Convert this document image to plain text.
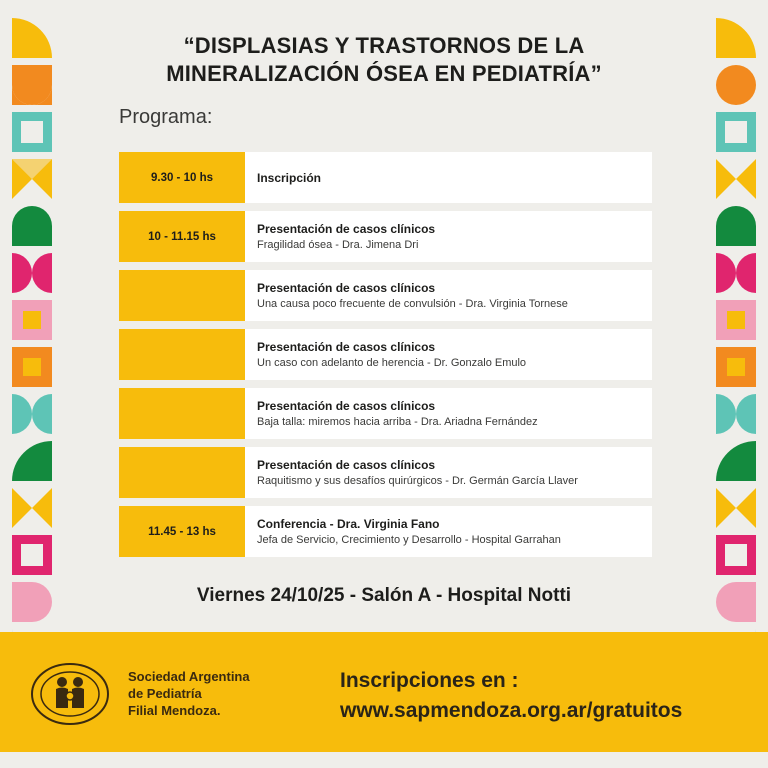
“DISPLASIAS Y TRASTORNOS DE LA
MINERALIZACIÓN ÓSEA EN PEDIATRÍA”
Programa:
9.30 - 10 hs	Inscripción
10 - 11.15 hs
Presentación de casos clínicos
Fragilidad ósea - Dra. Jimena Dri
Presentación de casos clínicos
Una causa poco frecuente de convulsión - Dra. Virginia Tornese
Presentación de casos clínicos
Un caso con adelanto de herencia - Dr. Gonzalo Emulo
Presentación de casos clínicos
Baja talla: miremos hacia arriba - Dra. Ariadna Fernández
Presentación de casos clínicos
Raquitismo y sus desafíos quirúrgicos - Dr. Germán García Llaver
11.45 - 13 hs
Conferencia - Dra. Virginia Fano
Jefa de Servicio, Crecimiento y Desarrollo - Hospital Garrahan
Viernes 24/10/25 - Salón A - Hospital Notti
Sociedad Argentina
de Pediatría
Filial Mendoza.
Inscripciones en :
www.sapmendoza.org.ar/gratuitos
